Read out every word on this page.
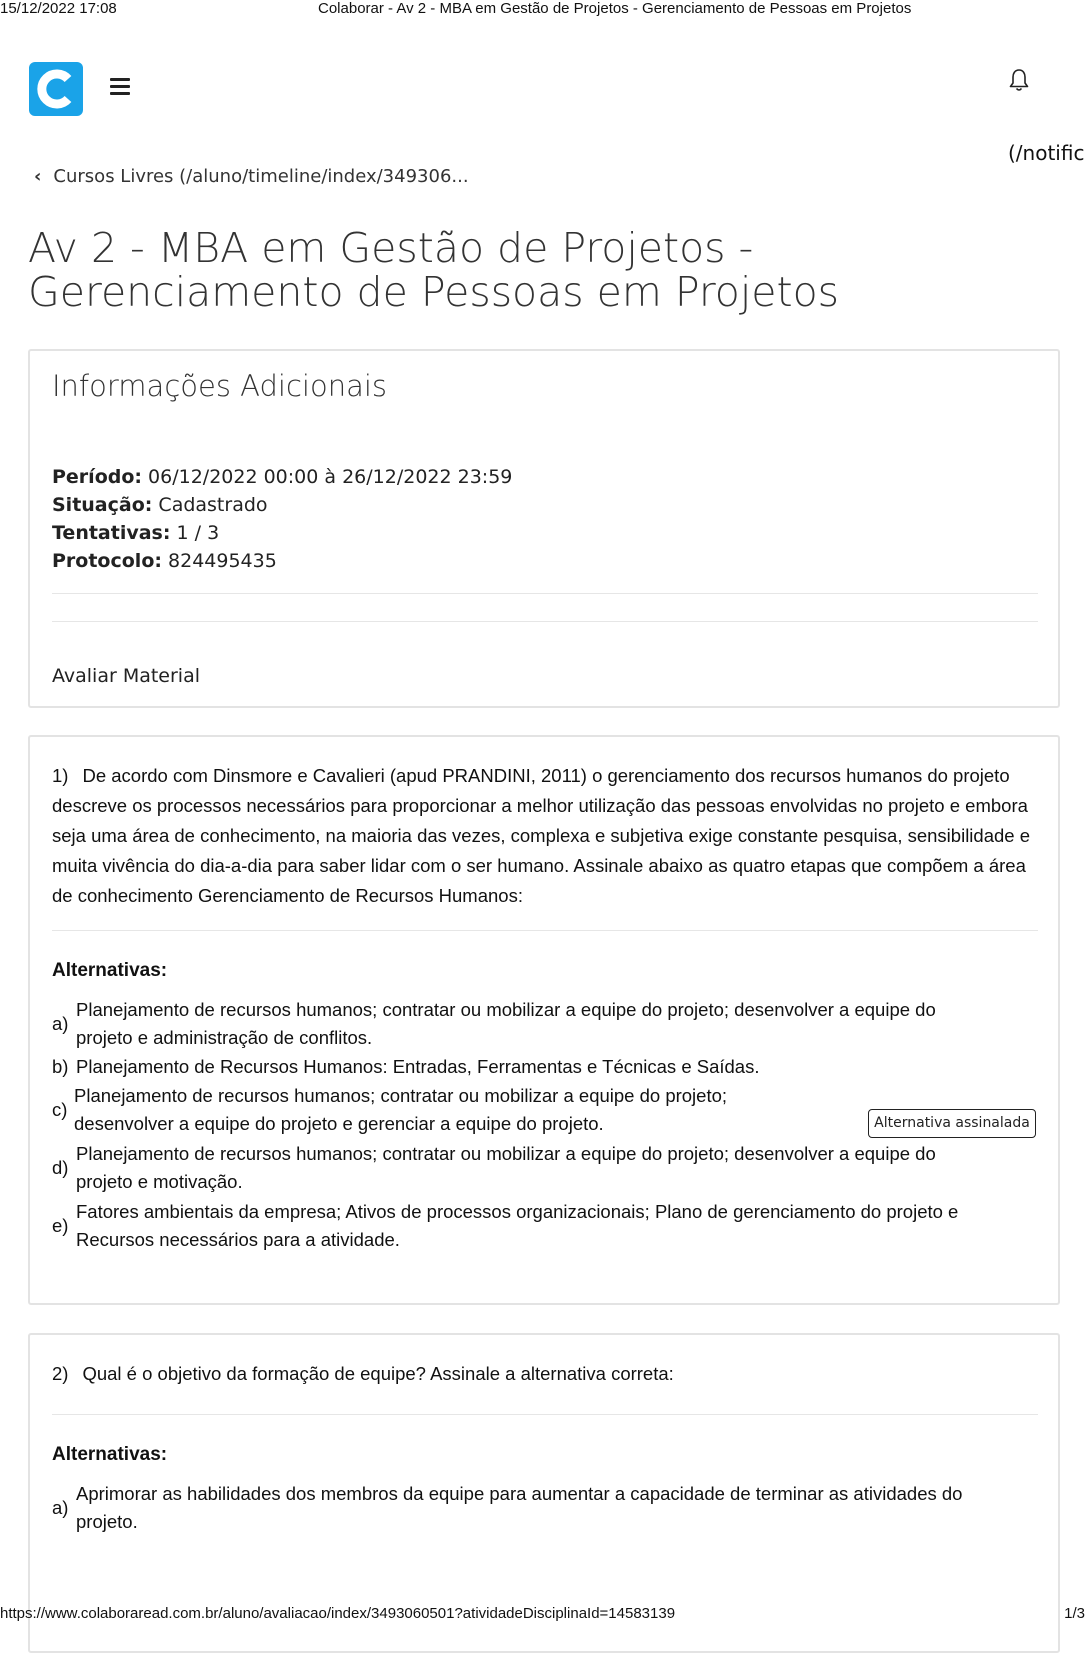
15/12/2022 17:08	Colaborar - Av 2 - MBA em Gestão de Projetos - Gerenciamento de Pessoas em Projetos
(/notific
‹ Cursos Livres (/aluno/timeline/index/349306...
Av 2 - MBA em Gestão de Projetos - Gerenciamento de Pessoas em Projetos
Informações Adicionais
Período: 06/12/2022 00:00 à 26/12/2022 23:59
Situação: Cadastrado
Tentativas: 1 / 3
Protocolo: 824495435
Avaliar Material
1) De acordo com Dinsmore e Cavalieri (apud PRANDINI, 2011) o gerenciamento dos recursos humanos do projeto descreve os processos necessários para proporcionar a melhor utilização das pessoas envolvidas no projeto e embora seja uma área de conhecimento, na maioria das vezes, complexa e subjetiva exige constante pesquisa, sensibilidade e muita vivência do dia-a-dia para saber lidar com o ser humano. Assinale abaixo as quatro etapas que compõem a área de conhecimento Gerenciamento de Recursos Humanos:
Alternativas:
a)
Planejamento de recursos humanos; contratar ou mobilizar a equipe do projeto; desenvolver a equipe do
projeto e administração de conflitos.
b) Planejamento de Recursos Humanos: Entradas, Ferramentas e Técnicas e Saídas.
c)
Planejamento de recursos humanos; contratar ou mobilizar a equipe do projeto;
desenvolver a equipe do projeto e gerenciar a equipe do projeto.	Alternativa assinalada
d)
Planejamento de recursos humanos; contratar ou mobilizar a equipe do projeto; desenvolver a equipe do
projeto e motivação.
e)
Fatores ambientais da empresa; Ativos de processos organizacionais; Plano de gerenciamento do projeto e
Recursos necessários para a atividade.
2) Qual é o objetivo da formação de equipe? Assinale a alternativa correta:
Alternativas:
a)
Aprimorar as habilidades dos membros da equipe para aumentar a capacidade de terminar as atividades do
projeto.
https://www.colaboraread.com.br/aluno/avaliacao/index/3493060501?atividadeDisciplinaId=14583139	1/3
